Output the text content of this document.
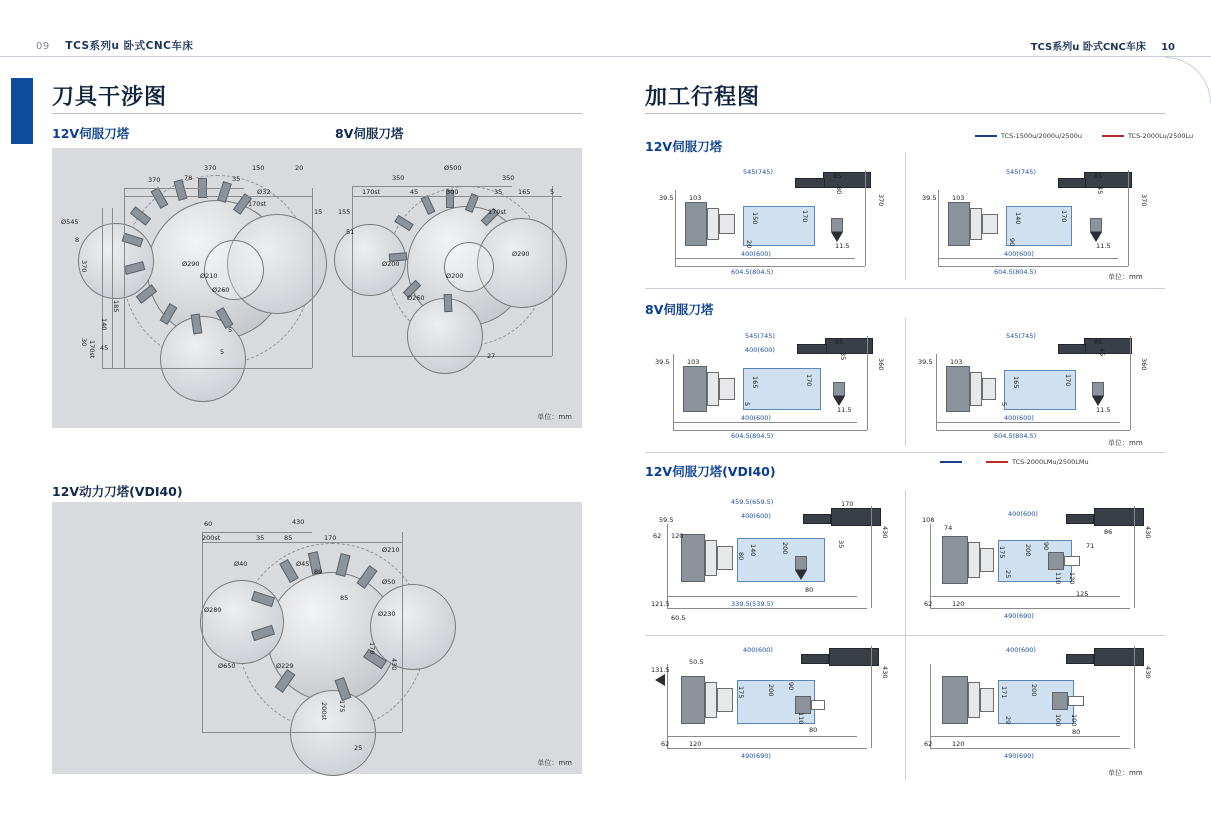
09 TCS系列u 卧式CNC车床	TCS系列u 卧式CNC车床 10
刀具干涉图
12V伺服刀塔	8V伺服刀塔
370
370	150	20
Ø545
8
35
Ø32
170st
170st
30
45
140
185
370	Ø290
Ø210
Ø260
5
5
78	350
Ø500
350
170st	45	300	35 165	5
15 155
51
170st
Ø290
Ø200
Ø200
Ø260
27
单位：mm
12V动力刀塔(VDI40)
60	430
200st	35	85	170
Ø210
Ø40	Ø45
Ø50
Ø280	Ø230
Ø650	Ø229
89
85
170
430
200st 175
25
单位：mm
加工行程图
TCS-1500u/2000u/2500u	TCS-2000Lu/2500Lu
12V伺服刀塔
39.5 103
545(745)	85
150	170
370
20
80
400(600)
604.5(804.5)
11.5
39.5 103
545(745)	85
140	170
370
90
45
400(600)
604.5(804.5)
11.5
单位：mm
8V伺服刀塔
39.5	103
545(745)
400(600)
85
165	170
360
35
5
400(600)
604.5(804.5)
11.5
39.5	103
545(745)
85
165	170
360
5
45
400(600)
604.5(804.5)
11.5
单位：mm
12V伺服刀塔(VDI40)
TCS-2000LMu/2500LMu
59.5
62 120
459.5(659.5)
400(600)
170
430
80 140	200	35
80
121.5	339.5(539.5)
60.5
108
74
400(600)
86	430
175	200 90	71
25	110 120
125
62	120
490(690)
131.5
50.5
400(600)
430
175	200 90
110
80
62	120
490(690)
400(600)
430
171	200
100 100
29
80
62	120
490(690)
单位：mm
